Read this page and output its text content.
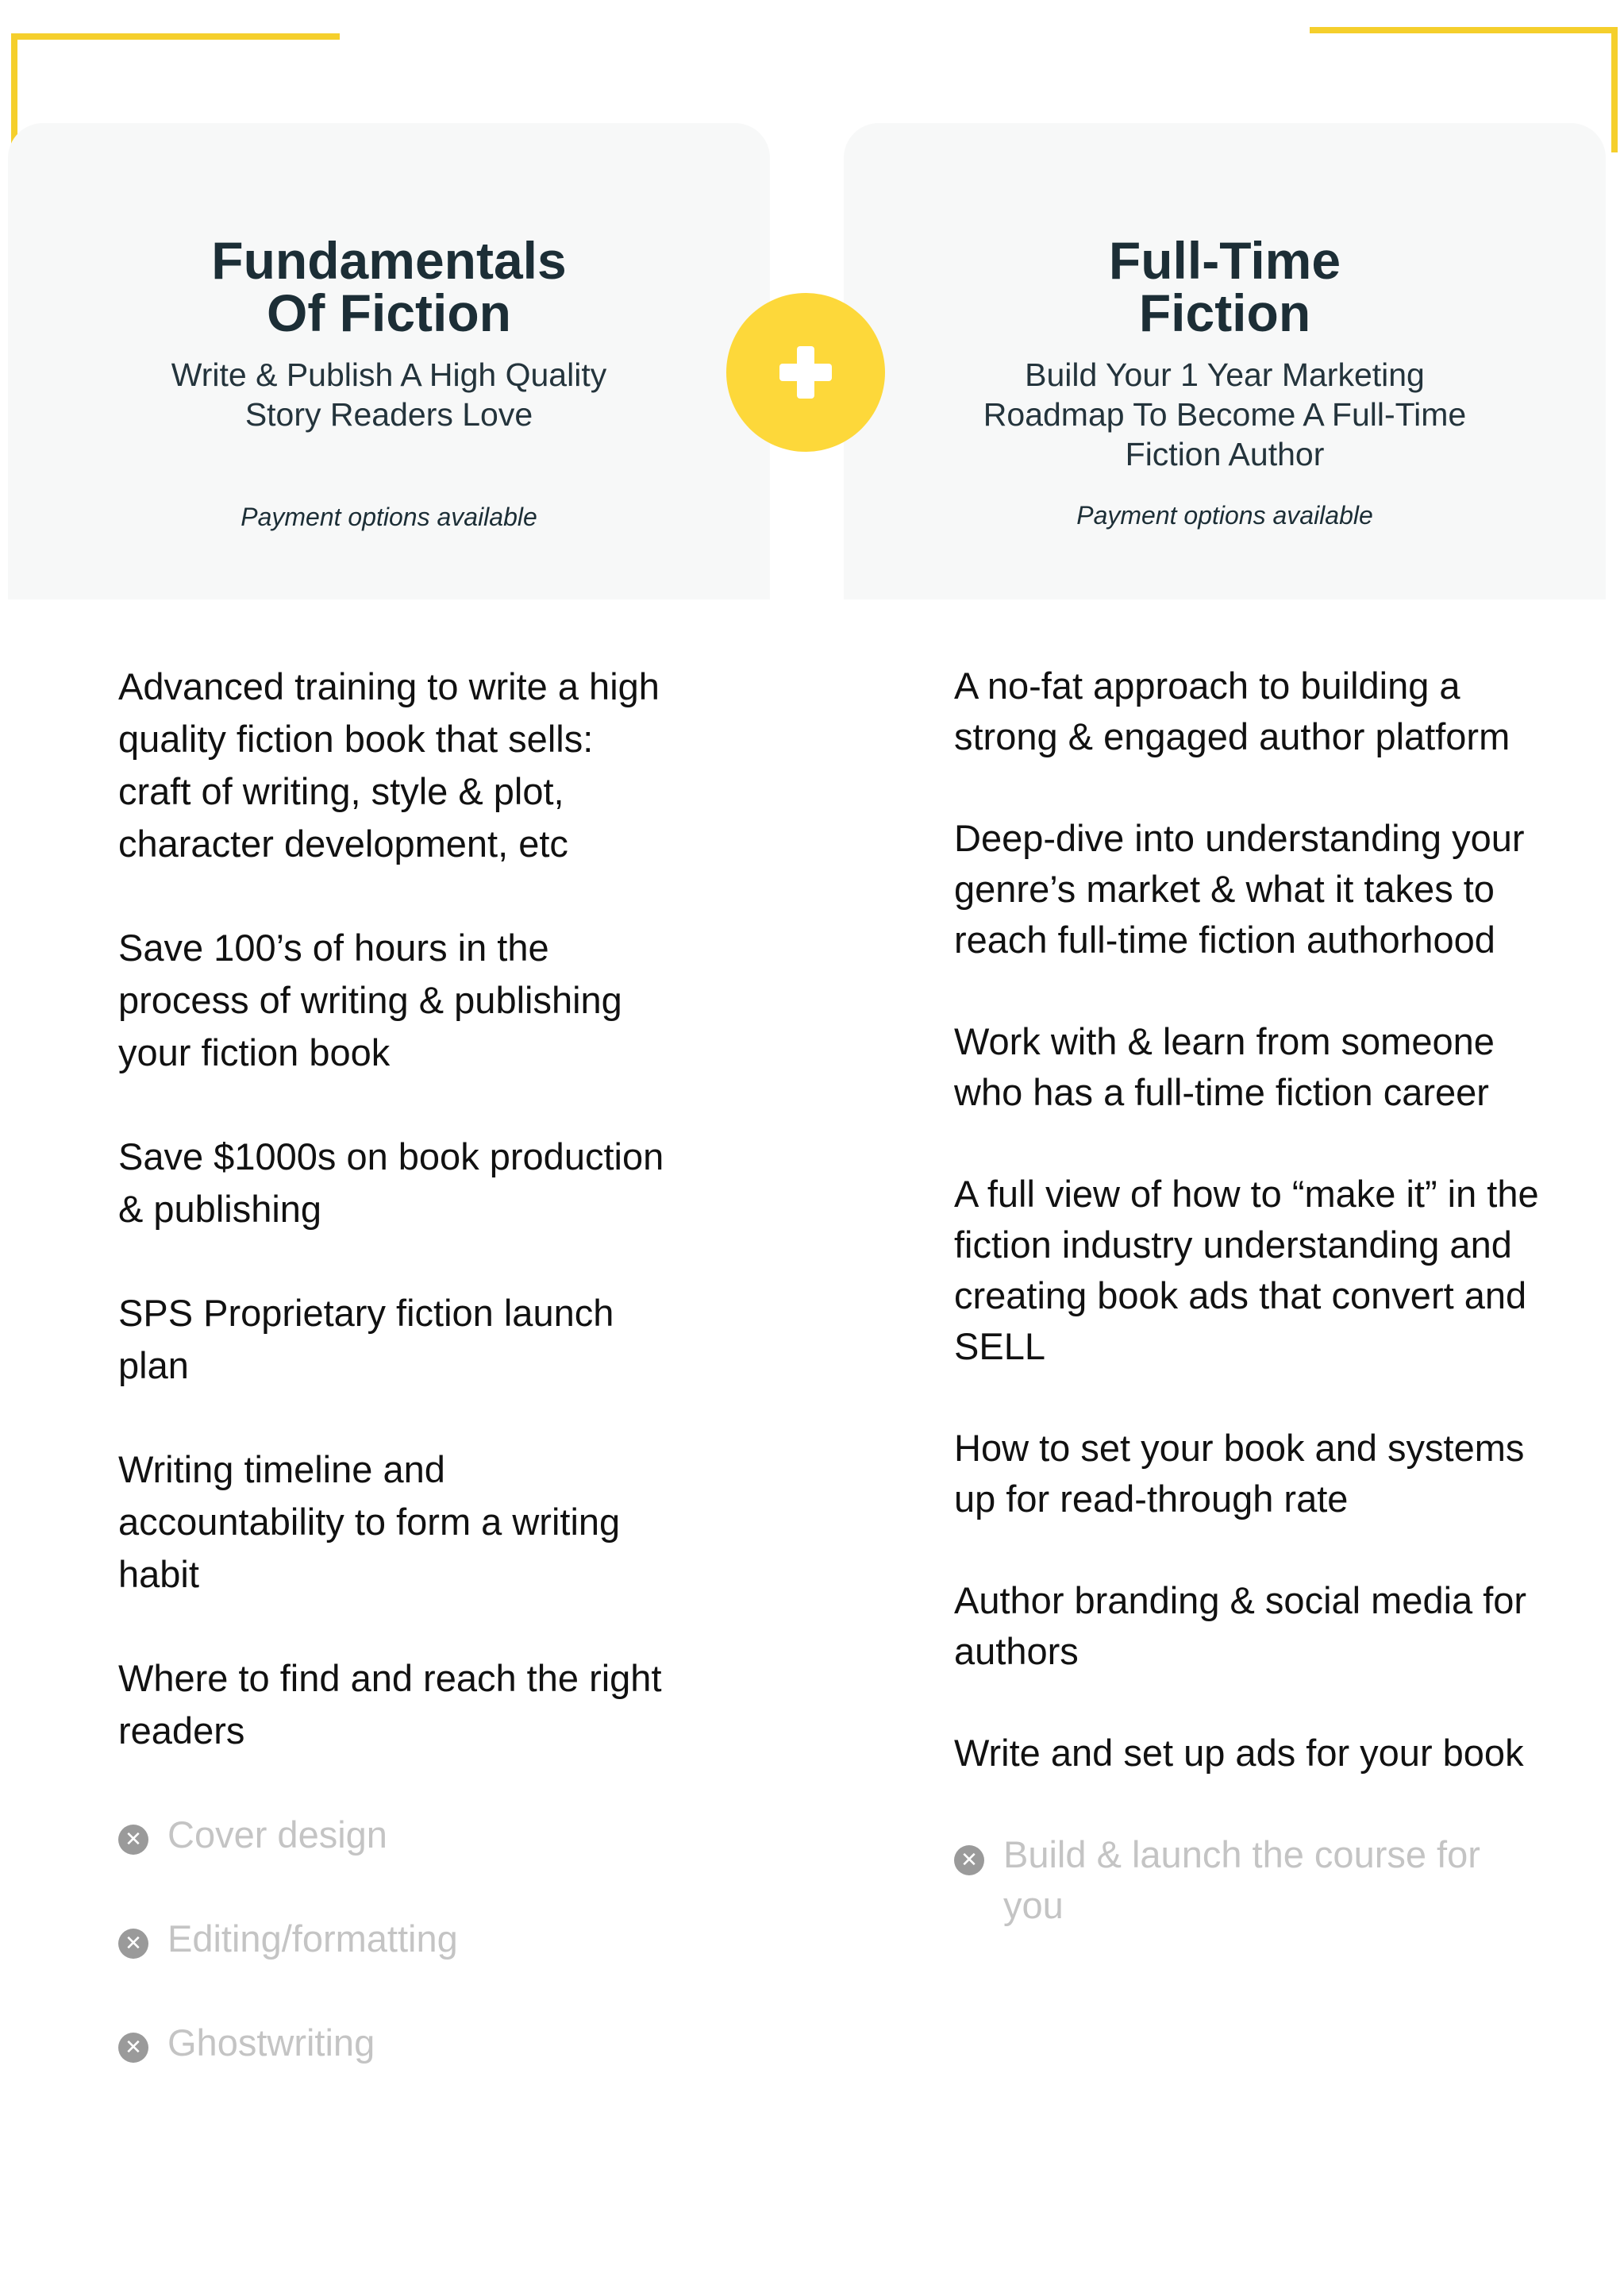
Fundamentals
Of Fiction
Write & Publish A High Quality
Story Readers Love
Payment options available
Full-Time
Fiction
Build Your 1 Year Marketing
Roadmap To Become A Full-Time
Fiction Author
Payment options available
Advanced training to write a high quality fiction book that sells: craft of writing, style & plot, character development, etc
Save 100’s of hours in the process of writing & publishing your fiction book
Save $1000s on book production & publishing
SPS Proprietary fiction launch plan
Writing timeline and accountability to form a writing habit
Where to find and reach the right readers
✕ Cover design
✕ Editing/formatting
✕ Ghostwriting
A no-fat approach to building a strong & engaged author platform
Deep-dive into understanding your genre’s market & what it takes to reach full-time fiction authorhood
Work with & learn from someone who has a full-time fiction career
A full view of how to “make it” in the fiction industry understanding and creating book ads that convert and SELL
How to set your book and systems up for read-through rate
Author branding & social media for authors
Write and set up ads for your book
✕ Build & launch the course for you
